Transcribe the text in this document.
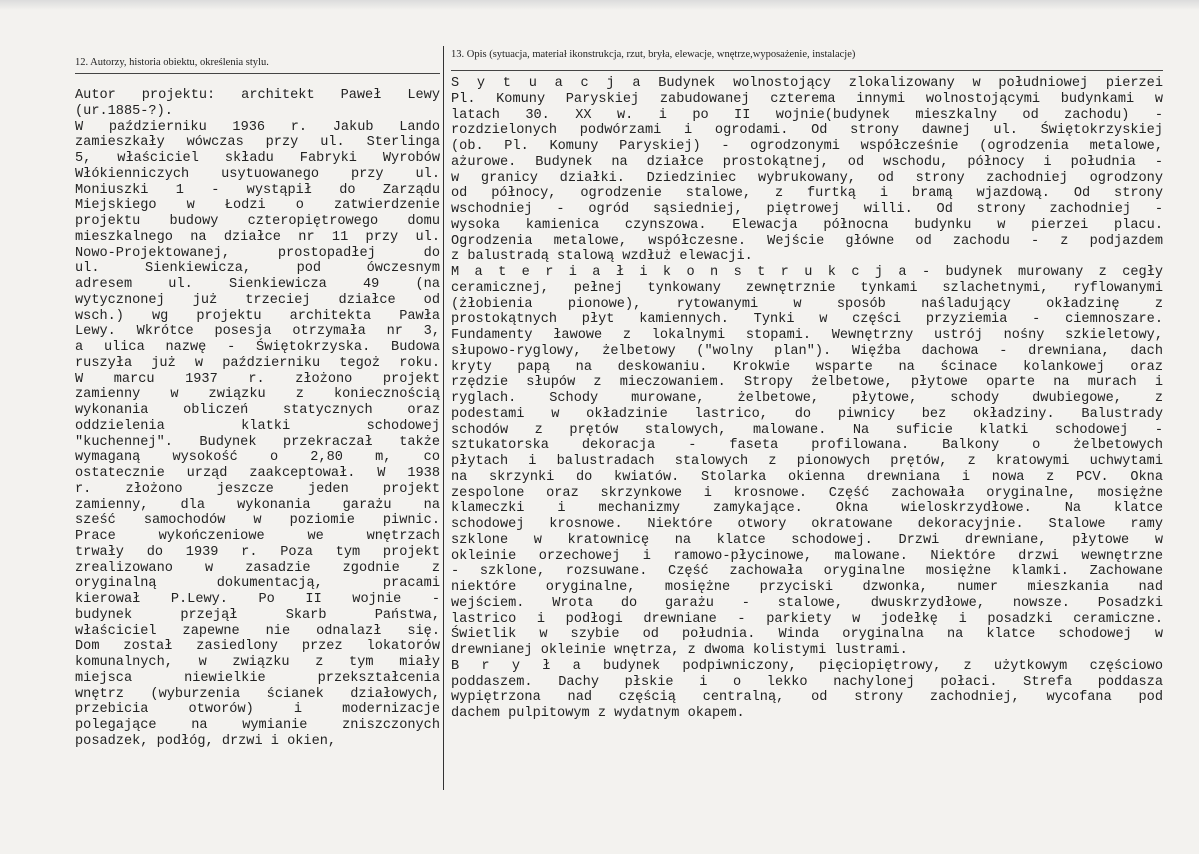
12. Autorzy, historia obiektu, określenia stylu.
Autor projektu: architekt Paweł Lewy
(ur.1885-?).
W październiku 1936 r. Jakub Lando
zamieszkały wówczas przy ul. Sterlinga
5, właściciel składu Fabryki Wyrobów
Włókienniczych usytuowanego przy ul.
Moniuszki 1 - wystąpił do Zarządu
Miejskiego w Łodzi o zatwierdzenie
projektu budowy czteropiętrowego domu
mieszkalnego na działce nr 11 przy ul.
Nowo-Projektowanej, prostopadłej do
ul. Sienkiewicza, pod ówczesnym
adresem ul. Sienkiewicza 49 (na
wytycznonej już trzeciej działce od
wsch.) wg projektu architekta Pawła
Lewy. Wkrótce posesja otrzymała nr 3,
a ulica nazwę - Świętokrzyska. Budowa
ruszyła już w październiku tegoż roku.
W marcu 1937 r. złożono projekt
zamienny w związku z koniecznością
wykonania obliczeń statycznych oraz
oddzielenia klatki schodowej
"kuchennej". Budynek przekraczał także
wymaganą wysokość o 2,80 m, co
ostatecznie urząd zaakceptował. W 1938
r. złożono jeszcze jeden projekt
zamienny, dla wykonania garażu na
sześć samochodów w poziomie piwnic.
Prace wykończeniowe we wnętrzach
trwały do 1939 r. Poza tym projekt
zrealizowano w zasadzie zgodnie z
oryginalną dokumentacją, pracami
kierował P.Lewy. Po II wojnie -
budynek przejął Skarb Państwa,
właściciel zapewne nie odnalazł się.
Dom został zasiedlony przez lokatorów
komunalnych, w związku z tym miały
miejsca niewielkie przekształcenia
wnętrz (wyburzenia ścianek działowych,
przebicia otworów) i modernizacje
polegające na wymianie zniszczonych
posadzek, podłóg, drzwi i okien,
13. Opis (sytuacja, materiał ikonstrukcja, rzut, bryła, elewacje, wnętrze,wyposażenie, instalacje)
S y t u a c j a Budynek wolnostojący zlokalizowany w południowej pierzei
Pl. Komuny Paryskiej zabudowanej czterema innymi wolnostojącymi budynkami w
latach 30. XX w. i po II wojnie(budynek mieszkalny od zachodu) -
rozdzielonych podwórzami i ogrodami. Od strony dawnej ul. Świętokrzyskiej
(ob. Pl. Komuny Paryskiej) - ogrodzonymi współcześnie (ogrodzenia metalowe,
ażurowe. Budynek na działce prostokątnej, od wschodu, północy i południa -
w granicy działki. Dziedziniec wybrukowany, od strony zachodniej ogrodzony
od północy, ogrodzenie stalowe, z furtką i bramą wjazdową. Od strony
wschodniej - ogród sąsiedniej, piętrowej willi. Od strony zachodniej -
wysoka kamienica czynszowa. Elewacja północna budynku w pierzei placu.
Ogrodzenia metalowe, współczesne. Wejście główne od zachodu - z podjazdem
z balustradą stalową wzdłuż elewacji.
M a t e r i a ł i k o n s t r u k c j a - budynek murowany z cegły
ceramicznej, pełnej tynkowany zewnętrznie tynkami szlachetnymi, ryflowanymi
(żłobienia pionowe), rytowanymi w sposób naśladujący okładzinę z
prostokątnych płyt kamiennych. Tynki w części przyziemia - ciemnoszare.
Fundamenty ławowe z lokalnymi stopami. Wewnętrzny ustrój nośny szkieletowy,
słupowo-ryglowy, żelbetowy ("wolny plan"). Więźba dachowa - drewniana, dach
kryty papą na deskowaniu. Krokwie wsparte na ścinace kolankowej oraz
rzędzie słupów z mieczowaniem. Stropy żelbetowe, płytowe oparte na murach i
ryglach. Schody murowane, żelbetowe, płytowe, schody dwubiegowe, z
podestami w okładzinie lastrico, do piwnicy bez okładziny. Balustrady
schodów z prętów stalowych, malowane. Na suficie klatki schodowej -
sztukatorska dekoracja - faseta profilowana. Balkony o żelbetowych
płytach i balustradach stalowych z pionowych prętów, z kratowymi uchwytami
na skrzynki do kwiatów. Stolarka okienna drewniana i nowa z PCV. Okna
zespolone oraz skrzynkowe i krosnowe. Część zachowała oryginalne, mosiężne
klameczki i mechanizmy zamykające. Okna wieloskrzydłowe. Na klatce
schodowej krosnowe. Niektóre otwory okratowane dekoracyjnie. Stalowe ramy
szklone w kratownicę na klatce schodowej. Drzwi drewniane, płytowe w
okleinie orzechowej i ramowo-płycinowe, malowane. Niektóre drzwi wewnętrzne
- szklone, rozsuwane. Część zachowała oryginalne mosiężne klamki. Zachowane
niektóre oryginalne, mosiężne przyciski dzwonka, numer mieszkania nad
wejściem. Wrota do garażu - stalowe, dwuskrzydłowe, nowsze. Posadzki
lastrico i podłogi drewniane - parkiety w jodełkę i posadzki ceramiczne.
Świetlik w szybie od południa. Winda oryginalna na klatce schodowej w
drewnianej okleinie wnętrza, z dwoma kolistymi lustrami.
B r y ł a budynek podpiwniczony, pięciopiętrowy, z użytkowym częściowo
poddaszem. Dachy płskie i o lekko nachylonej połaci. Strefa poddasza
wypiętrzona nad częścią centralną, od strony zachodniej, wycofana pod
dachem pulpitowym z wydatnym okapem.
